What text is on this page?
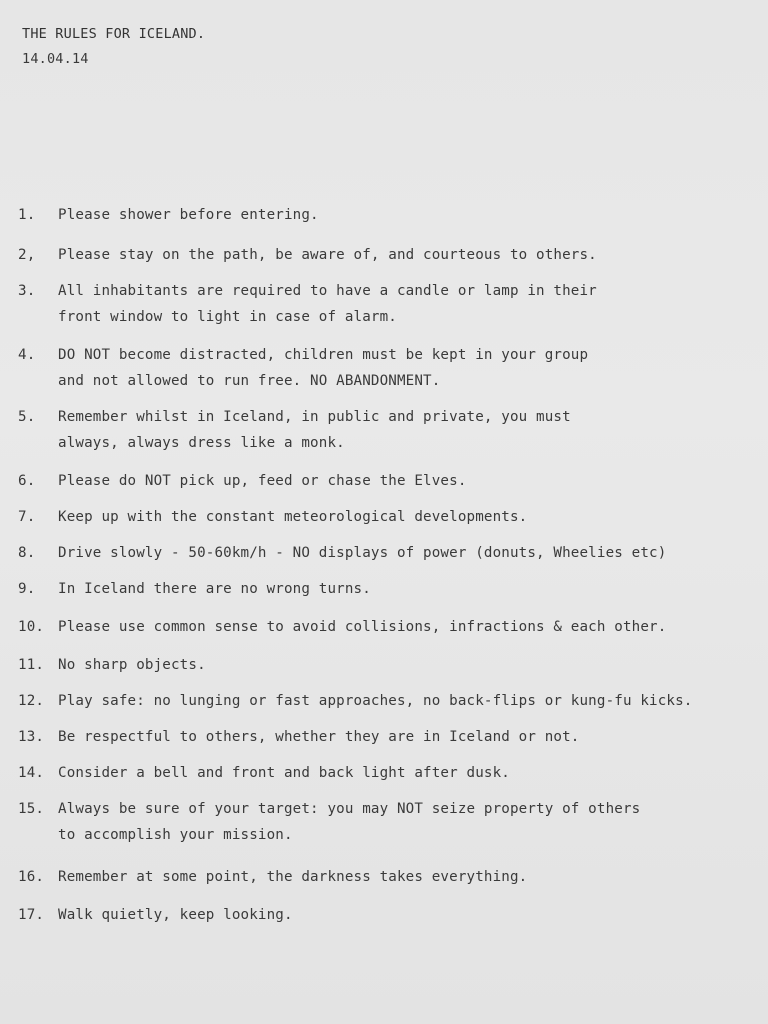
THE RULES FOR ICELAND.
14.04.14
1.	Please shower before entering.
2,	Please stay on the path, be aware of, and courteous to others.
3.	All inhabitants are required to have a candle or lamp in their
front window to light in case of alarm.
4.	DO NOT become distracted, children must be kept in your group
and not allowed to run free. NO ABANDONMENT.
5.	Remember whilst in Iceland, in public and private, you must
always, always dress like a monk.
6.	Please do NOT pick up, feed or chase the Elves.
7.	Keep up with the constant meteorological developments.
8.	Drive slowly - 50-60km/h - NO displays of power (donuts, Wheelies etc)
9.	In Iceland there are no wrong turns.
10. Please use common sense to avoid collisions, infractions & each other.
11. No sharp objects.
12. Play safe: no lunging or fast approaches, no back-flips or kung-fu kicks.
13. Be respectful to others, whether they are in Iceland or not.
14. Consider a bell and front and back light after dusk.
15. Always be sure of your target: you may NOT seize property of others
to accomplish your mission.
16. Remember at some point, the darkness takes everything.
17. Walk quietly, keep looking.
